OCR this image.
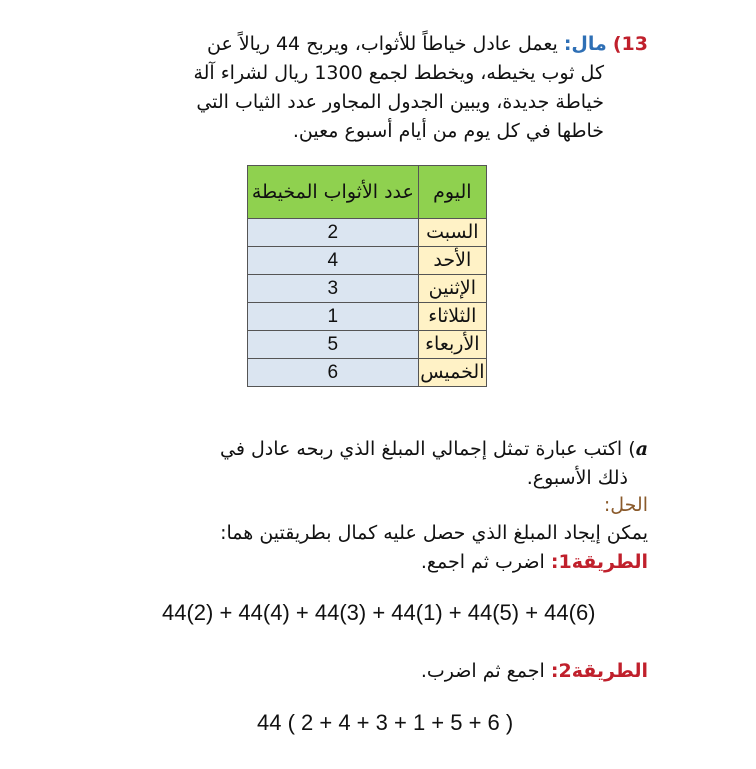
13) مال: يعمل عادل خياطاً للأثواب، ويربح 44 ريالاً عن
كل ثوب يخيطه، ويخطط لجمع 1300 ريال لشراء آلة
خياطة جديدة، ويبين الجدول المجاور عدد الثياب التي
خاطها في كل يوم من أيام أسبوع معين.
اليوم	عدد الأثواب المخيطة
السبت	2
الأحد	4
الإثنين	3
الثلاثاء	1
الأربعاء	5
الخميس	6
a) اكتب عبارة تمثل إجمالي المبلغ الذي ربحه عادل في
ذلك الأسبوع.
الحل:
يمكن إيجاد المبلغ الذي حصل عليه كمال بطريقتين هما:
الطريقة1: اضرب ثم اجمع.
44(2) + 44(4) + 44(3) + 44(1) + 44(5) + 44(6)
الطريقة2: اجمع ثم اضرب.
44 ( 2 + 4 + 3 + 1 + 5 + 6 )
